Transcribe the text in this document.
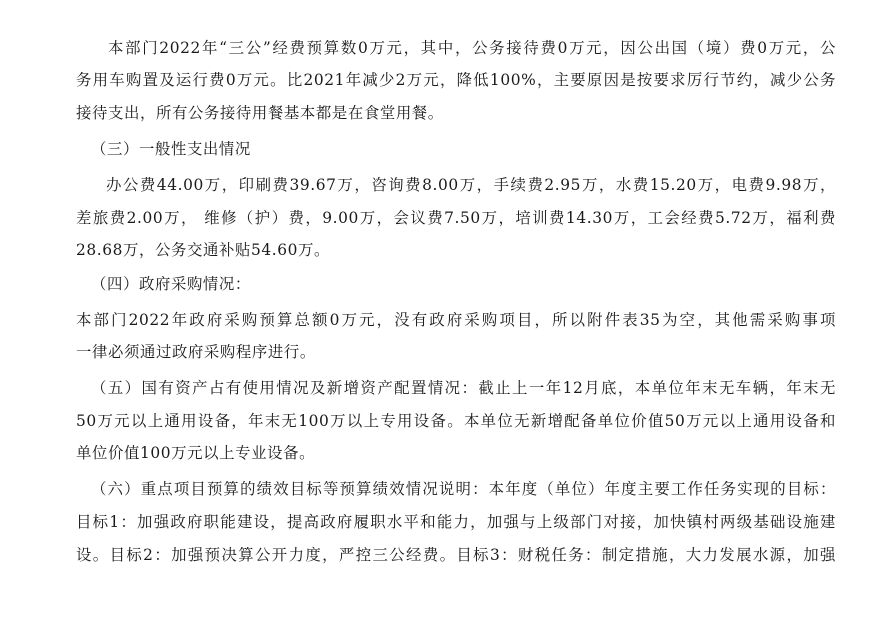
本部门2022年“三公”经费预算数0万元，其中，公务接待费0万元，因公出国（境）费0万元，公
务用车购置及运行费0万元。比2021年减少2万元，降低100%，主要原因是按要求厉行节约，减少公务
接待支出，所有公务接待用餐基本都是在食堂用餐。
（三）一般性支出情况
办公费44.00万，印刷费39.67万，咨询费8.00万，手续费2.95万，水费15.20万，电费9.98万，
差旅费2.00万， 维修（护）费，9.00万，会议费7.50万，培训费14.30万，工会经费5.72万，福利费
28.68万，公务交通补贴54.60万。
（四）政府采购情况：
本部门2022年政府采购预算总额0万元，没有政府采购项目，所以附件表35为空，其他需采购事项
一律必须通过政府采购程序进行。
（五）国有资产占有使用情况及新增资产配置情况：截止上一年12月底，本单位年末无车辆，年末无
50万元以上通用设备，年末无100万以上专用设备。本单位无新增配备单位价值50万元以上通用设备和
单位价值100万元以上专业设备。
（六）重点项目预算的绩效目标等预算绩效情况说明：本年度（单位）年度主要工作任务实现的目标：
目标1：加强政府职能建设，提高政府履职水平和能力，加强与上级部门对接，加快镇村两级基础设施建
设。目标2：加强预决算公开力度，严控三公经费。目标3：财税任务：制定措施，大力发展水源，加强
